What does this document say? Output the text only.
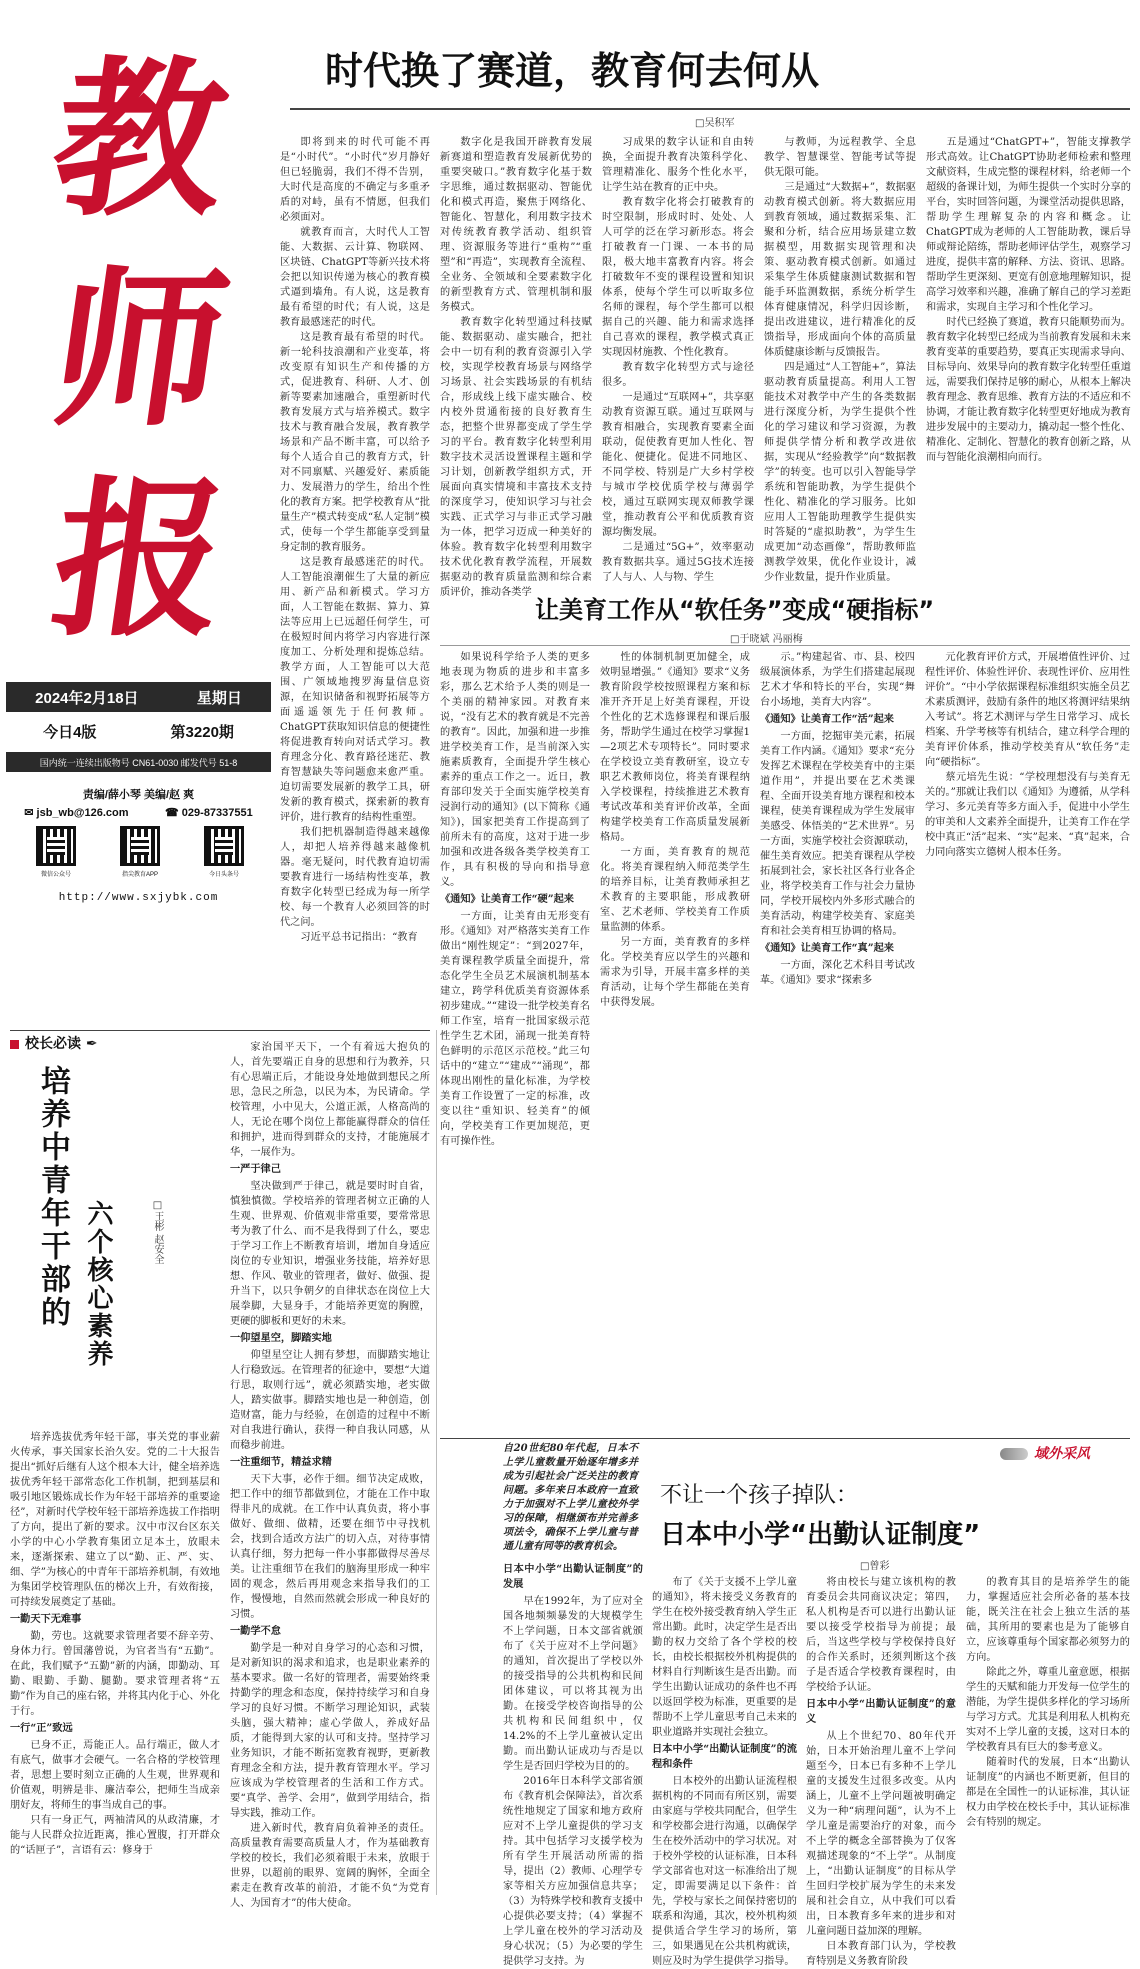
教
师
报
2024年2月18日	星期日
今日4版	第3220期
国内统一连续出版物号 CN61-0030 邮发代号 51-8
责编/薛小琴 美编/赵 爽
✉ jsb_wb@126.com	☎ 029-87337551
微信公众号	指尖教育APP	今日头条号
http://www.sxjybk.com
时代换了赛道，教育何去何从
□吴积军

即将到来的时代可能不再是“小时代”。“小时代”岁月静好但已轻脆弱，我们不得不告别，大时代是高度的不确定与多重矛盾的对峙，虽有不情愿，但我们必须面对。

就教育而言，大时代人工智能、大数据、云计算、物联网、区块链、ChatGPT等新兴技术将会把以知识传递为核心的教育模式逼到墙角。有人说，这是教育最有希望的时代；有人说，这是教育最感迷茫的时代。

这是教育最有希望的时代。新一轮科技浪潮和产业变革，将改变原有知识生产和传播的方式，促进教育、科研、人才、创新等要素加速融合，重塑新时代教育发展方式与培养模式。数字技术与教育融合发展，教育教学场景和产品不断丰富，可以给予每个人适合自己的教育方式，针对不同禀赋、兴趣爱好、素质能力、发展潜力的学生，给出个性化的教育方案。把学校教育从“批量生产”模式转变成“私人定制”模式，使每一个学生都能享受到量身定制的教育服务。

这是教育最感迷茫的时代。人工智能浪潮催生了大量的新应用、新产品和新模式。学习方面，人工智能在数据、算力、算法等应用上已远超任何学生，可在极短时间内将学习内容进行深度加工、分析处理和提炼总结。教学方面，人工智能可以大范围、广领域地搜罗海量信息资源，在知识储备和视野拓展等方面遥遥领先于任何教师。ChatGPT获取知识信息的便捷性将促进教育转向对话式学习。教育理念分化、教育路径迷茫、教育智慧缺失等问题愈来愈严重。迫切需要发展新的教学工具，研发新的教育模式，探索新的教育评价，进行教育的结构性重塑。

我们把机器制造得越来越像人，却把人培养得越来越像机器。毫无疑问，时代教育迫切需要教育进行一场结构性变革，教育数字化转型已经成为每一所学校、每一个教育人必须回答的时代之问。

习近平总书记指出：“教育

数字化是我国开辟教育发展新赛道和塑造教育发展新优势的重要突破口。”教育数字化基于数字思维，通过数据驱动、智能优化和模式再造，聚焦于网络化、智能化、智慧化，利用数字技术对传统教育教学活动、组织管理、资源服务等进行“重构”“重塑”和“再造”，实现教育全流程、全业务、全领域和全要素数字化的新型教育方式、管理机制和服务模式。

教育数字化转型通过科技赋能、数据驱动、虚实融合，把社会中一切有利的教育资源引入学校，实现学校教育场景与网络学习场景、社会实践场景的有机结合，形成线上线下虚实融合、校内校外贯通衔接的良好教育生态，把整个世界都变成了学生学习的平台。教育数字化转型利用数字技术灵活设置课程主题和学习计划，创新教学组织方式，开展面向真实情境和丰富技术支持的深度学习，使知识学习与社会实践、正式学习与非正式学习融为一体，把学习迈成一种美好的体验。教育数字化转型利用数字技术优化教育教学流程，开展数据驱动的教育质量监测和综合素质评价，推动各类学

习成果的数字认证和自由转换，全面提升教育决策科学化、管理精准化、服务个性化水平，让学生站在教育的正中央。

教育数字化将会打破教育的时空限制，形成时时、处处、人人可学的泛在学习新形态。将会打破教育一门课、一本书的局限，极大地丰富教育内容。将会打破数年不变的课程设置和知识体系，使每个学生可以听取多位名师的课程，每个学生都可以根据自己的兴趣、能力和需求选择自己喜欢的课程，教学模式真正实现因材施教、个性化教育。

教育数字化转型方式与途径很多。

一是通过“互联网+”，共享驱动教育资源互联。通过互联网与教育相融合，实现教育要素全面联动，促使教育更加人性化、智能化、便捷化。促进不同地区、不同学校、特别是广大乡村学校与城市学校优质学校与薄弱学校，通过互联网实现双师教学课堂，推动教育公平和优质教育资源均衡发展。

二是通过“5G+”，效率驱动教育数据共享。通过5G技术连接了人与人、人与物、学生

与教师，为远程教学、全息教学、智慧课堂、智能考试等提供无限可能。

三是通过“大数据+”，数据驱动教育模式创新。将大数据应用到教育领域，通过数据采集、汇聚和分析，结合应用场景建立数据模型，用数据实现管理和决策、驱动教育模式创新。如通过采集学生体质健康测试数据和智能手环监测数据，系统分析学生体育健康情况，科学归因诊断，提出改进建议，进行精准化的反馈指导，形成面向个体的高质量体质健康诊断与反馈报告。

四是通过“人工智能+”，算法驱动教育质量提高。利用人工智能技术对教学中产生的各类数据进行深度分析，为学生提供个性化的学习建议和学习资源，为教师提供学情分析和教学改进依据，实现从“经验教学”向“数据教学”的转变。也可以引入智能导学系统和智能助教，为学生提供个性化、精准化的学习服务。比如应用人工智能助理教学生提供实时答疑的“虚拟助教”，为学生生成更加“动态画像”，帮助教师监测教学效果，优化作业设计，减少作业数量，提升作业质量。

五是通过“ChatGPT+”，智能支撑教学形式高效。让ChatGPT协助老师检索和整理文献资料，生成完整的课程材料，给老师一个超级的备课计划，为师生提供一个实时分享的平台，实时回答问题，为课堂活动提供思路，帮助学生理解复杂的内容和概念。让ChatGPT成为老师的人工智能助教，课后导师或辩论陪练，帮助老师评估学生，观察学习进度，提供丰富的解释、方法、资讯、思路。帮助学生更深刻、更宽有创意地理解知识，提高学习效率和兴趣，准确了解自己的学习差距和需求，实现自主学习和个性化学习。

时代已经换了赛道，教育只能顺势而为。教育数字化转型已经成为当前教育发展和未来教育变革的重要趋势，要真正实现需求导向、目标导向、效果导向的教育数字化转型任重道远，需要我们保持足够的耐心，从根本上解决教育理念、教育思维、教育方法的不适应和不协调，才能让教育数字化转型更好地成为教育进步发展中的主要动力，撬动起一整个性化、精准化、定制化、智慧化的教育创新之路，从而与智能化浪潮相向而行。

让美育工作从“软任务”变成“硬指标”
□于晓斌 冯丽梅

如果说科学给予人类的更多地表现为物质的进步和丰富多彩，那么艺术给予人类的则是一个美丽的精神家园。对教育来说，“没有艺术的教育就是不完善的教育”。因此，加强和进一步推进学校美育工作，是当前深入实施素质教育，全面提升学生核心素养的重点工作之一。近日，教育部印发关于全面实施学校美育浸润行动的通知》(以下简称《通知》)，国家把美育工作提高到了前所未有的高度，这对于进一步加强和改进各级各类学校美育工作，具有积极的导向和指导意义。

《通知》让美育工作“硬”起来

一方面，让美育由无形变有形。《通知》对严格落实美育工作做出“刚性规定”：“到2027年，美育课程教学质量全面提升，常态化学生全员艺术展演机制基本建立，跨学科优质美育资源体系初步建成。”“建设一批学校美育名师工作室，培育一批国家级示范性学生艺术团，涌现一批美育特色鲜明的示范区示范校。”此三句话中的“建立”“建成”“涌现”，都体现出刚性的量化标准，为学校美育工作设置了一定的标准，改变以往“重知识、轻美育”的倾向，学校美育工作更加规范，更有可操作性。

性的体制机制更加健全，成效明显增强。”《通知》要求“义务教育阶段学校按照课程方案和标准开齐开足上好美育课程，开设个性化的艺术选修课程和课后服务，帮助学生通过在校学习掌握1—2项艺术专项特长”。同时要求在学校设立美育教研室，设立专职艺术教师岗位，将美育课程纳入学校课程，持续推进艺术教育考试改革和美育评价改革，全面构建学校美育工作高质量发展新格局。

一方面，美育教育的规范化。将美育课程纳入师范类学生的培养目标，让美育教师承担艺术教育的主要职能，形成教研室、艺术老师、学校美育工作质量监测的体系。

另一方面，美育教育的多样化。学校美育应以学生的兴趣和需求为引导，开展丰富多样的美育活动，让每个学生都能在美育中获得发展。

示。”构建起省、市、县、校四级展演体系，为学生们搭建起展现艺术才华和特长的平台，实现“舞台小场地，美育大内容”。

《通知》让美育工作“活”起来

一方面，挖掘审美元素，拓展美育工作内涵。《通知》要求“充分发挥艺术课程在学校美育中的主渠道作用”，并提出要在艺术类课程、全面开设美育地方课程和校本课程，使美育课程成为学生发展审美感受、体悟美的“艺术世界”。另一方面，实施学校社会资源联动，催生美育效应。把美育课程从学校拓展到社会，家长社区各行业各企业，将学校美育工作与社会力量协同，学校开展校内外多形式融合的美育活动，构建学校美育、家庭美育和社会美育相互协调的格局。

《通知》让美育工作“真”起来

一方面，深化艺术科目考试改革。《通知》要求“探索多

元化教育评价方式，开展增值性评价、过程性评价、体验性评价、表现性评价、应用性评价”。“中小学依据课程标准组织实施全员艺术素质测评，鼓励有条件的地区将测评结果纳入考试”。将艺术测评与学生日常学习、成长档案、升学考核等有机结合，建立科学合理的美育评价体系，推动学校美育从“软任务”走向“硬指标”。

蔡元培先生说：“学校理想没有与美育无关的。”那就让我们以《通知》为遵循，从学科学习、多元美育等多方面入手，促进中小学生的审美和人文素养全面提升，让美育工作在学校中真正“活”起来、“实”起来、“真”起来，合力同向落实立德树人根本任务。

校长必读 ✒
培养中青年干部的 六个核心素养	□王彬 赵安全

培养选拔优秀年轻干部，事关党的事业薪火传承，事关国家长治久安。党的二十大报告提出“抓好后继有人这个根本大计，健全培养选拔优秀年轻干部常态化工作机制，把到基层和吸引地区锻炼成长作为年轻干部培养的重要途径”，对新时代学校年轻干部培养选拔工作指明了方向，提出了新的要求。汉中市汉台区东关小学的中心小学教育集团立足本土，放眼未来，逐渐探索、建立了以“勤、正、严、实、细、学”为核心的中青年干部培养机制，有效地为集团学校管理队伍的梯次上升，有效衔接，可持续发展奠定了基础。

一勤天下无难事

勤，劳也。这就要求管理者要不辞辛劳、身体力行。曾国藩曾说，为官者当有“五勤”。在此，我们赋予“五勤”新的内涵，即勤动、耳勤、眼勤、手勤、腿勤。要求管理者将“五勤”作为自己的座右铭，并将其内化于心、外化于行。

一行“正”致远

已身不正，焉能正人。品行端正，做人才有底气，做事才会硬气。一名合格的学校管理者，思想上要时刻立正确的人生观，世界观和价值观，明辨是非、廉洁奉公，把师生当成亲朋好友，将师生的事当成自己的事。

只有一身正气，两袖清风的从政清廉，才能与人民群众拉近距离，推心置腹，打开群众的“话匣子”，言语有云：修身于

家治国平天下，一个有着远大抱负的人，首先要端正自身的思想和行为教养，只有心思端正后，才能设身处地做到想民之所思，急民之所急，以民为本，为民请命。学校管理，小中见大，公道正派，人格高尚的人，无论在哪个岗位上都能赢得群众的信任和拥护，进而得到群众的支持，才能施展才华，一展作为。

一严于律己

坚决做到严于律己，就是要时时自省，慎独慎微。学校培养的管理者树立正确的人生观、世界观、价值观非常重要，要常常思考为教了什么、而不是我得到了什么，要忠于学习工作上不断教育培训，增加自身适应岗位的专业知识，增强业务技能，培养好思想、作风、敬业的管理者，做好、做强、提升当下，以只争朝夕的自律状态在岗位上大展拳脚，大显身手，才能培养更宽的胸膛，更硬的脚板和更好的未来。

一仰望星空，脚踏实地

仰望星空让人拥有梦想，而脚踏实地让人行稳致远。在管理者的征途中，要想“大道行思，取则行远”，就必须踏实地，老实做人，踏实做事。脚踏实地也是一种创造，创造财富，能力与经验，在创造的过程中不断对自我进行确认，获得一种自我认同感，从而稳步前进。

一注重细节，精益求精

天下大事，必作于细。细节决定成败，把工作中的细节都做到位，才能在工作中取得非凡的成就。在工作中认真负责，将小事做好、做细、做精，还要在细节中寻找机会，找到合适改方法广的切入点，对待事情认真仔细，努力把每一件小事都做得尽善尽美。让注重细节在我们的脑海里形成一种牢固的观念，然后再用观念来指导我们的工作，慢慢地，自然而然就会形成一种良好的习惯。

一勤学不怠

勤学是一种对自身学习的心态和习惯，是对新知识的渴求和追求，也是职业素养的基本要求。做一名好的管理者，需要始终秉持勤学的理念和态度，保持持续学习和自身学习的良好习惯。不断学习理论知识，武装头脑，强大精神；虚心学做人，养成好品质，才能得到大家的认可和支持。坚持学习业务知识，才能不断拓宽教育视野，更新教育理念全和方法，提升教育管理水平。学习应该成为学校管理者的生活和工作方式。要“真学、善学、会用”，做到学用结合，指导实践，推动工作。

进入新时代，教育肩负着神圣的责任。高质量教育需要高质量人才，作为基础教育学校的校长，我们必须着眼于未来，放眼于世界，以超前的眼界、宽阔的胸怀，全面全素走在教育改革的前沿，才能不负“为党育人、为国育才”的伟大使命。

自20世纪80年代起，日本不上学儿童数量开始逐年增多并成为引起社会广泛关注的教育问题。多年来日本政府一直致力于加强对不上学儿童校外学习的保障，相继颁布并完善多项法令，确保不上学儿童与普通儿童有同等的教育机会。
域外采风
不让一个孩子掉队：
日本中小学“出勤认证制度”
□曾彩

日本中小学“出勤认证制度”的发展

早在1992年，为了应对全国各地频频暴发的大规模学生不上学问题，日本文部省就颁布了《关于应对不上学问题》的通知，首次提出了学校以外的接受指导的公共机构和民间团体建议，可以将其视为出勤。在接受学校咨询指导的公共机构和民间组织中，仅14.2%的不上学儿童被认定出勤。而出勤认证成功与否是以学生是否回归学校为目的的。

2016年日本科学文部省颁布《教育机会保障法》，首次系统性地规定了国家和地方政府应对不上学儿童提供的学习支持。其中包括学习支援学校为所有学生开展活动所需的指导，提出（2）教师、心理学专家等相关方应加强信息共享；（3）为特殊学校和教育支援中心提供必要支持；（4）掌握不上学儿童在校外的学习活动及身心状况；（5）为必要的学生提供学习支持。为

布了《关于支援不上学儿童的通知》，将未接受义务教育的学生在校外接受教育纳入学生正常出勤。此时，决定学生是否出勤的权力交给了各个学校的校长，由校长根据校外机构提供的材料自行判断该生是否出勤。而学生出勤认证成功的条件也不再以返回学校为标准，更重要的是帮助不上学儿童思考自己未来的职业道路并实现社会独立。

日本中小学“出勤认证制度”的流程和条件

日本校外的出勤认证流程根据机构的不同而有所区别，需要由家庭与学校共同配合，但学生和学校都会进行沟通，以确保学生在校外活动中的学习状况。对于校外学校的认证标准，日本科学文部省也对这一标准给出了规定，即需要满足以下条件：首先，学校与家长之间保持密切的联系和沟通，其次，校外机构须提供适合学生学习的场所，第三，如果遇见在公共机构就读，则应及时为学生提供学习指导。

将由校长与建立该机构的教育委员会共同商议决定；第四，私人机构是否可以进行出勤认证要以接受学校指导为前提；最后，当这些学校与学校保持良好的合作关系时，还须判断这个孩子是否适合学校教育课程时，由学校给予认证。

日本中小学“出勤认证制度”的意义

从上个世纪70、80年代开始，日本开始治理儿童不上学问题至今，日本已有多种不上学儿童的支援发生过很多改变。从内涵上，儿童不上学问题被明确定义为一种“病理问题”，认为不上学儿童是需要治疗的对象，而今不上学的概念全部替换为了仅客观描述现象的“不上学”。从制度上，“出勤认证制度”的目标从学生回归学校扩展为学生的未来发展和社会自立，从中我们可以看出，日本教育多年来的进步和对儿童问题日益加深的理解。

日本教育部门认为，学校教育特别是义务教育阶段

的教育其目的是培养学生的能力，掌握适应社会所必备的基本技能，既关注在社会上独立生活的基础，其所用的要素也是为了能够自立，应该尊重每个国家都必须努力的方向。

除此之外，尊重儿童意愿，根据学生的天赋和能力开发每一位学生的潜能，为学生提供多样化的学习场所与学习方式。尤其是利用私人机构充实对不上学儿童的支援，这对日本的学校教育具有巨大的参考意义。

随着时代的发展，日本“出勤认证制度”的内涵也不断更新，但目的都是在全国性一的认证标准，其认证权力由学校在校长手中，其认证标准会有特别的规定。
